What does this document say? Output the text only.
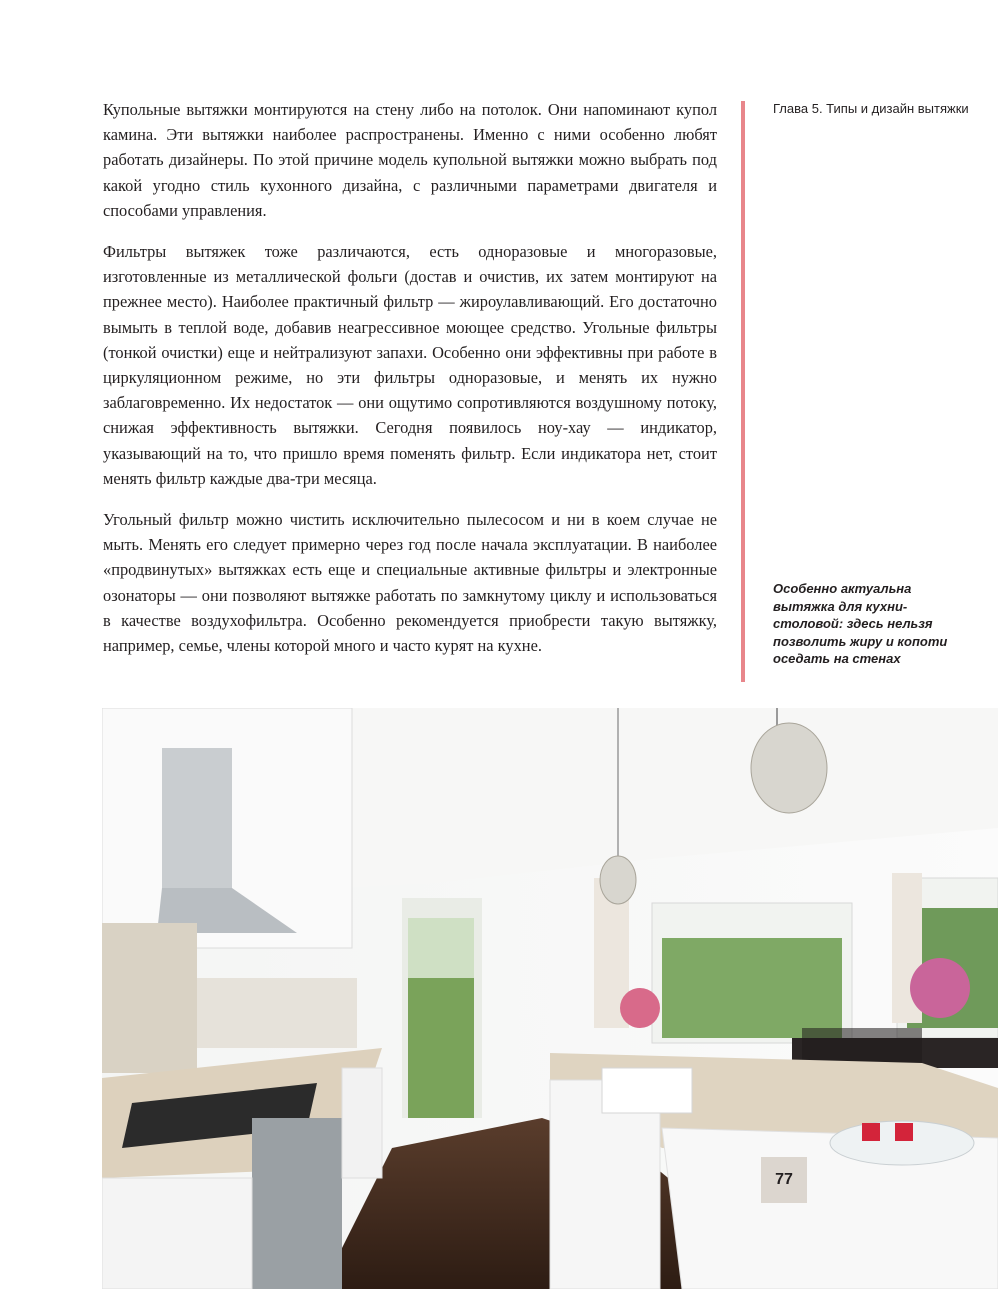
Купольные вытяжки монтируются на стену либо на потолок. Они напоминают купол камина. Эти вытяжки наиболее распространены. Именно с ними особенно любят работать дизайнеры. По этой причине модель купольной вытяжки можно выбрать под какой угодно стиль кухонного дизайна, с различными параметрами двигателя и способами управления.

Фильтры вытяжек тоже различаются, есть одноразовые и многоразовые, изготовленные из металлической фольги (достав и очистив, их затем монтируют на прежнее место). Наиболее практичный фильтр — жироулавливающий. Его достаточно вымыть в теплой воде, добавив неагрессивное моющее средство. Угольные фильтры (тонкой очистки) еще и нейтрализуют запахи. Особенно они эффективны при работе в циркуляционном режиме, но эти фильтры одноразовые, и менять их нужно заблаговременно. Их недостаток — они ощутимо сопротивляются воздушному потоку, снижая эффективность вытяжки. Сегодня появилось ноу-хау — индикатор, указывающий на то, что пришло время поменять фильтр. Если индикатора нет, стоит менять фильтр каждые два-три месяца.

Угольный фильтр можно чистить исключительно пылесосом и ни в коем случае не мыть. Менять его следует примерно через год после начала эксплуатации. В наиболее «продвинутых» вытяжках есть еще и специальные активные фильтры и электронные озонаторы — они позволяют вытяжке работать по замкнутому циклу и использоваться в качестве воздухофильтра. Особенно рекомендуется приобрести такую вытяжку, например, семье, члены которой много и часто курят на кухне.

Глава 5. Типы и дизайн вытяжки
Особенно актуальна вытяжка для кухни-столовой: здесь нельзя позволить жиру и копоти оседать на стенах
77
